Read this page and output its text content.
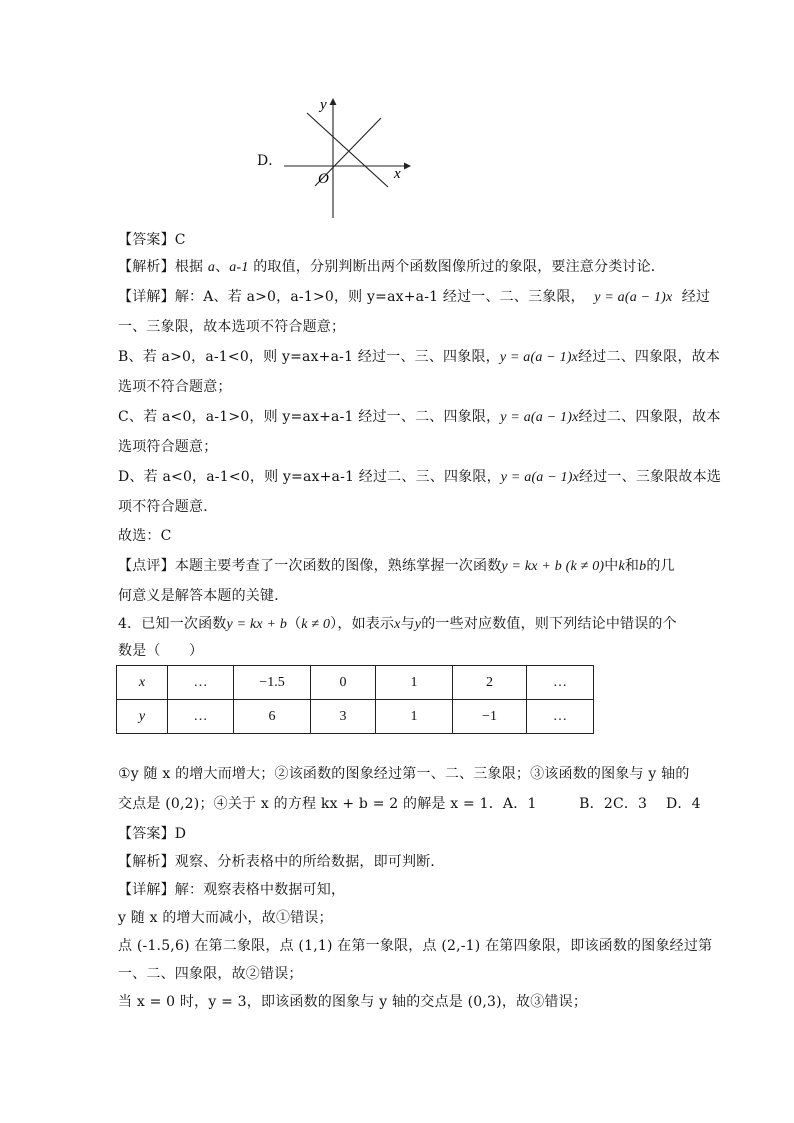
D．
y
x
O
【答案】C
【解析】根据 a、a-1 的取值，分别判断出两个函数图像所过的象限，要注意分类讨论．
【详解】解：A、若 a>0，a-1>0，则 y=ax+a-1 经过一、二、三象限， y = a(a − 1)x 经过
一、三象限，故本选项不符合题意；
B、若 a>0，a-1<0，则 y=ax+a-1 经过一、三、四象限，y = a(a − 1)x经过二、四象限，故本
选项不符合题意；
C、若 a<0，a-1>0，则 y=ax+a-1 经过一、二、四象限，y = a(a − 1)x经过二、四象限，故本
选项符合题意；
D、若 a<0，a-1<0，则 y=ax+a-1 经过二、三、四象限，y = a(a − 1)x经过一、三象限故本选
项不符合题意．
故选：C
【点评】本题主要考查了一次函数的图像，熟练掌握一次函数y = kx + b (k ≠ 0)中k和b的几
何意义是解答本题的关键．
4．已知一次函数y = kx + b（k ≠ 0），如表示x与y的一些对应数值，则下列结论中错误的个
数是（　　）
x	…	−1.5	0	1	2	…
y	…	6	3	1	−1	…
①y 随 x 的增大而增大；②该函数的图象经过第一、二、三象限；③该函数的图象与 y 轴的
交点是 (0,2)；④关于 x 的方程 kx + b = 2 的解是 x = 1．A．1　　　B．2C．3　 D．4
【答案】D
【解析】观察、分析表格中的所给数据，即可判断．
【详解】解：观察表格中数据可知，
y 随 x 的增大而减小，故①错误；
点 (-1.5,6) 在第二象限，点 (1,1) 在第一象限，点 (2,-1) 在第四象限，即该函数的图象经过第
一、二、四象限，故②错误；
当 x = 0 时，y = 3，即该函数的图象与 y 轴的交点是 (0,3)，故③错误；
